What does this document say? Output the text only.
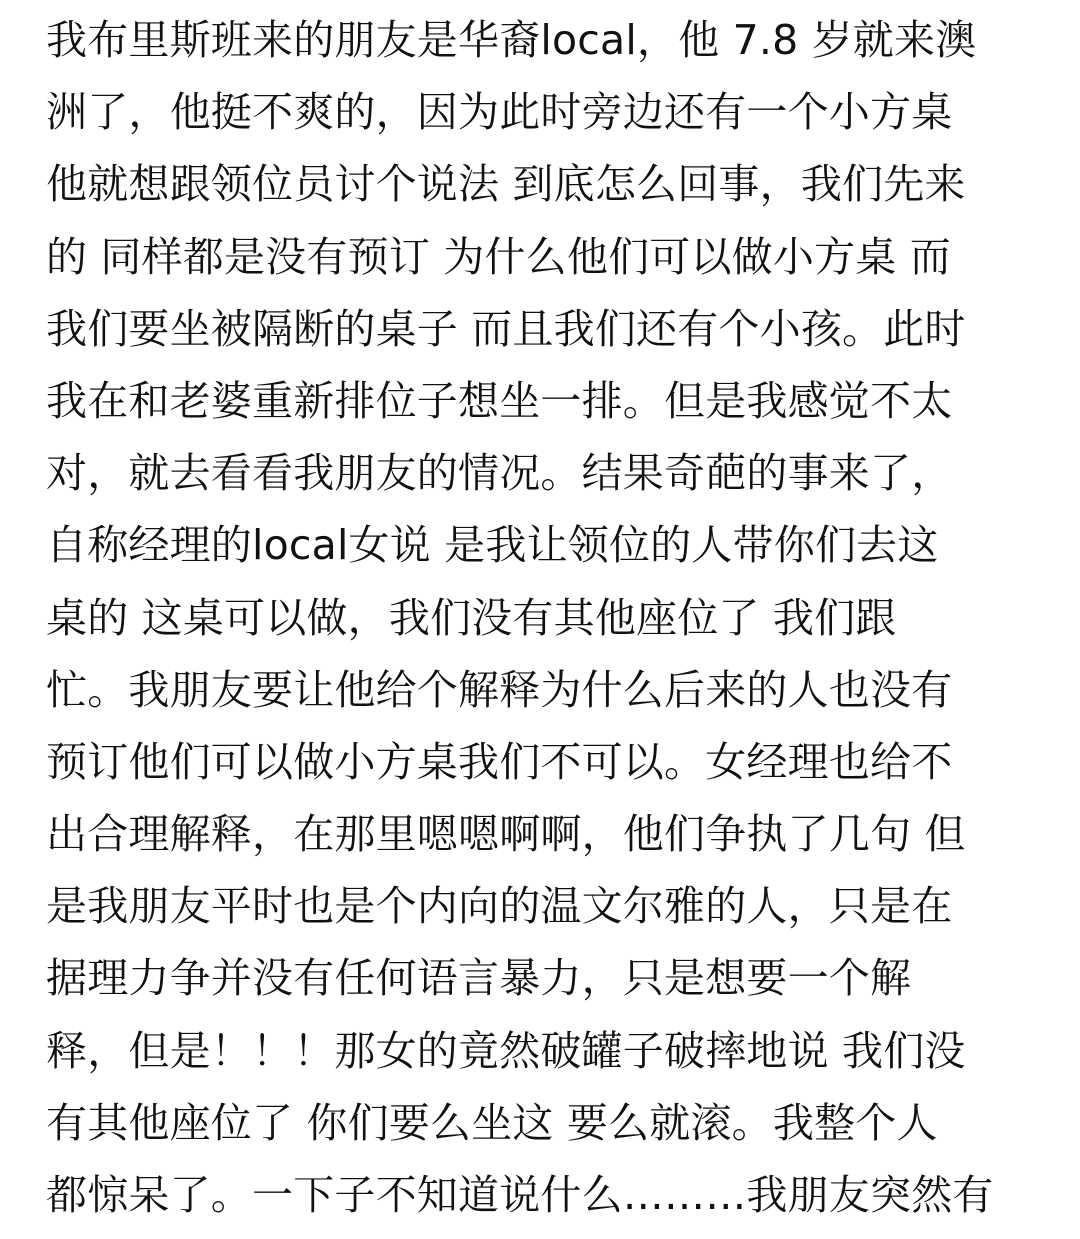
我布里斯班来的朋友是华裔local，他 7.8 岁就来澳
洲了，他挺不爽的，因为此时旁边还有一个小方桌
他就想跟领位员讨个说法 到底怎么回事，我们先来
的 同样都是没有预订 为什么他们可以做小方桌 而
我们要坐被隔断的桌子 而且我们还有个小孩。此时
我在和老婆重新排位子想坐一排。但是我感觉不太
对，就去看看我朋友的情况。结果奇葩的事来了，
自称经理的local女说 是我让领位的人带你们去这
桌的 这桌可以做，我们没有其他座位了 我们跟
忙。我朋友要让他给个解释为什么后来的人也没有
预订他们可以做小方桌我们不可以。女经理也给不
出合理解释，在那里嗯嗯啊啊，他们争执了几句 但
是我朋友平时也是个内向的温文尔雅的人，只是在
据理力争并没有任何语言暴力，只是想要一个解
释，但是！！！那女的竟然破罐子破摔地说 我们没
有其他座位了 你们要么坐这 要么就滚。我整个人
都惊呆了。一下子不知道说什么………我朋友突然有
